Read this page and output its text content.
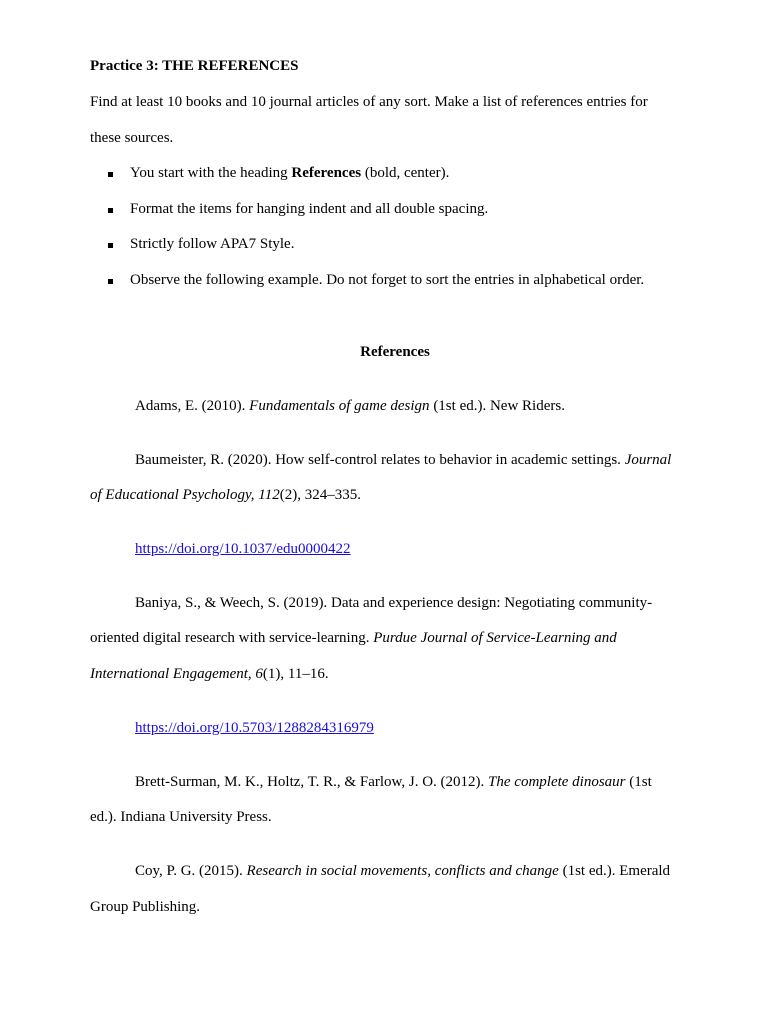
Practice 3: THE REFERENCES
Find at least 10 books and 10 journal articles of any sort. Make a list of references entries for
these sources.
You start with the heading References (bold, center).
Format the items for hanging indent and all double spacing.
Strictly follow APA7 Style.
Observe the following example. Do not forget to sort the entries in alphabetical order.
References
Adams, E. (2010). Fundamentals of game design (1st ed.). New Riders.
Baumeister, R. (2020). How self-control relates to behavior in academic settings. Journal
of Educational Psychology, 112(2), 324–335.
https://doi.org/10.1037/edu0000422
Baniya, S., & Weech, S. (2019). Data and experience design: Negotiating community-
oriented digital research with service-learning. Purdue Journal of Service-Learning and
International Engagement, 6(1), 11–16.
https://doi.org/10.5703/1288284316979
Brett-Surman, M. K., Holtz, T. R., & Farlow, J. O. (2012). The complete dinosaur (1st
ed.). Indiana University Press.
Coy, P. G. (2015). Research in social movements, conflicts and change (1st ed.). Emerald
Group Publishing.
